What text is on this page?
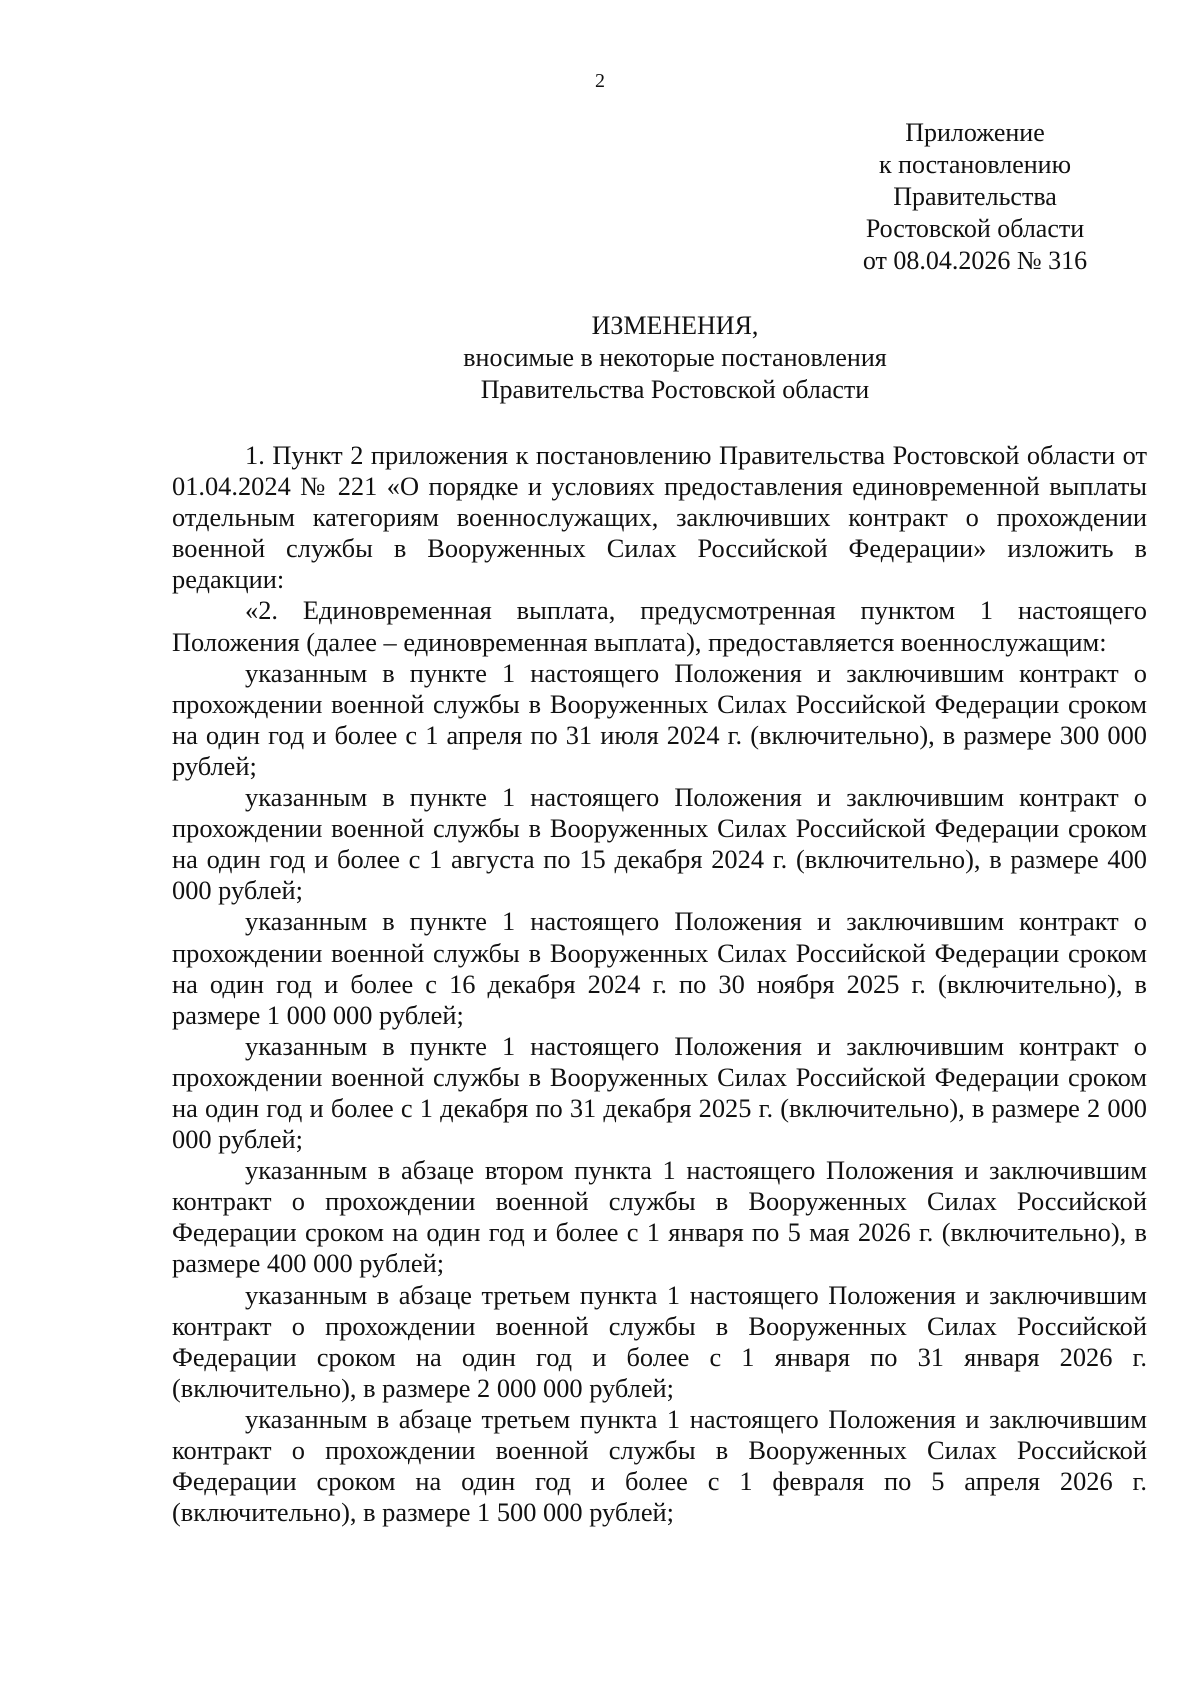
2
Приложение
к постановлению
Правительства
Ростовской области
от 08.04.2026 № 316
ИЗМЕНЕНИЯ,
вносимые в некоторые постановления
Правительства Ростовской области

1. Пункт 2 приложения к постановлению Правительства Ростовской области от 01.04.2024 № 221 «О порядке и условиях предоставления единовременной выплаты отдельным категориям военнослужащих, заключивших контракт о прохождении военной службы в Вооруженных Силах Российской Федерации» изложить в редакции:

«2. Единовременная выплата, предусмотренная пунктом 1 настоящего Положения (далее – единовременная выплата), предоставляется военнослужащим:

указанным в пункте 1 настоящего Положения и заключившим контракт о прохождении военной службы в Вооруженных Силах Российской Федерации сроком на один год и более с 1 апреля по 31 июля 2024 г. (включительно), в размере 300 000 рублей;

указанным в пункте 1 настоящего Положения и заключившим контракт о прохождении военной службы в Вооруженных Силах Российской Федерации сроком на один год и более с 1 августа по 15 декабря 2024 г. (включительно), в размере 400 000 рублей;

указанным в пункте 1 настоящего Положения и заключившим контракт о прохождении военной службы в Вооруженных Силах Российской Федерации сроком на один год и более с 16 декабря 2024 г. по 30 ноября 2025 г. (включительно), в размере 1 000 000 рублей;

указанным в пункте 1 настоящего Положения и заключившим контракт о прохождении военной службы в Вооруженных Силах Российской Федерации сроком на один год и более с 1 декабря по 31 декабря 2025 г. (включительно), в размере 2 000 000 рублей;

указанным в абзаце втором пункта 1 настоящего Положения и заключившим контракт о прохождении военной службы в Вооруженных Силах Российской Федерации сроком на один год и более с 1 января по 5 мая 2026 г. (включительно), в размере 400 000 рублей;

указанным в абзаце третьем пункта 1 настоящего Положения и заключившим контракт о прохождении военной службы в Вооруженных Силах Российской Федерации сроком на один год и более с 1 января по 31 января 2026 г. (включительно), в размере 2 000 000 рублей;

указанным в абзаце третьем пункта 1 настоящего Положения и заключившим контракт о прохождении военной службы в Вооруженных Силах Российской Федерации сроком на один год и более с 1 февраля по 5 апреля 2026 г. (включительно), в размере 1 500 000 рублей;
